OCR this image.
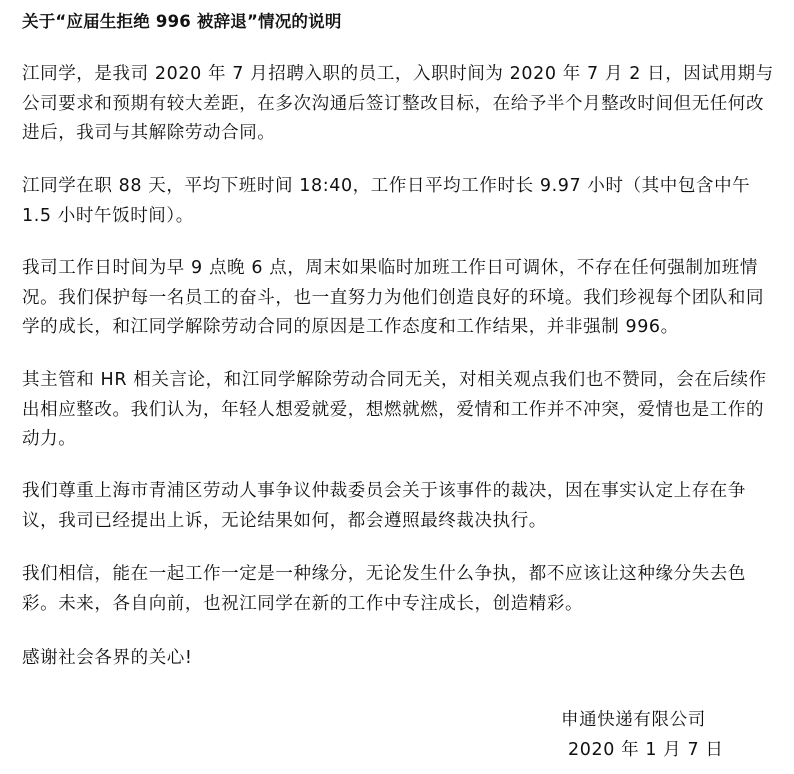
关于“应届生拒绝 996 被辞退”情况的说明

江同学，是我司 2020 年 7 月招聘入职的员工，入职时间为 2020 年 7 月 2 日，因试用期与公司要求和预期有较大差距，在多次沟通后签订整改目标，在给予半个月整改时间但无任何改进后，我司与其解除劳动合同。

江同学在职 88 天，平均下班时间 18:40，工作日平均工作时长 9.97 小时（其中包含中午 1.5 小时午饭时间）。

我司工作日时间为早 9 点晚 6 点，周末如果临时加班工作日可调休，不存在任何强制加班情况。我们保护每一名员工的奋斗，也一直努力为他们创造良好的环境。我们珍视每个团队和同学的成长，和江同学解除劳动合同的原因是工作态度和工作结果，并非强制 996。

其主管和 HR 相关言论，和江同学解除劳动合同无关，对相关观点我们也不赞同，会在后续作出相应整改。我们认为，年轻人想爱就爱，想燃就燃，爱情和工作并不冲突，爱情也是工作的动力。

我们尊重上海市青浦区劳动人事争议仲裁委员会关于该事件的裁决，因在事实认定上存在争议，我司已经提出上诉，无论结果如何，都会遵照最终裁决执行。

我们相信，能在一起工作一定是一种缘分，无论发生什么争执，都不应该让这种缘分失去色彩。未来，各自向前，也祝江同学在新的工作中专注成长，创造精彩。

感谢社会各界的关心!

申通快递有限公司
2020 年 1 月 7 日
